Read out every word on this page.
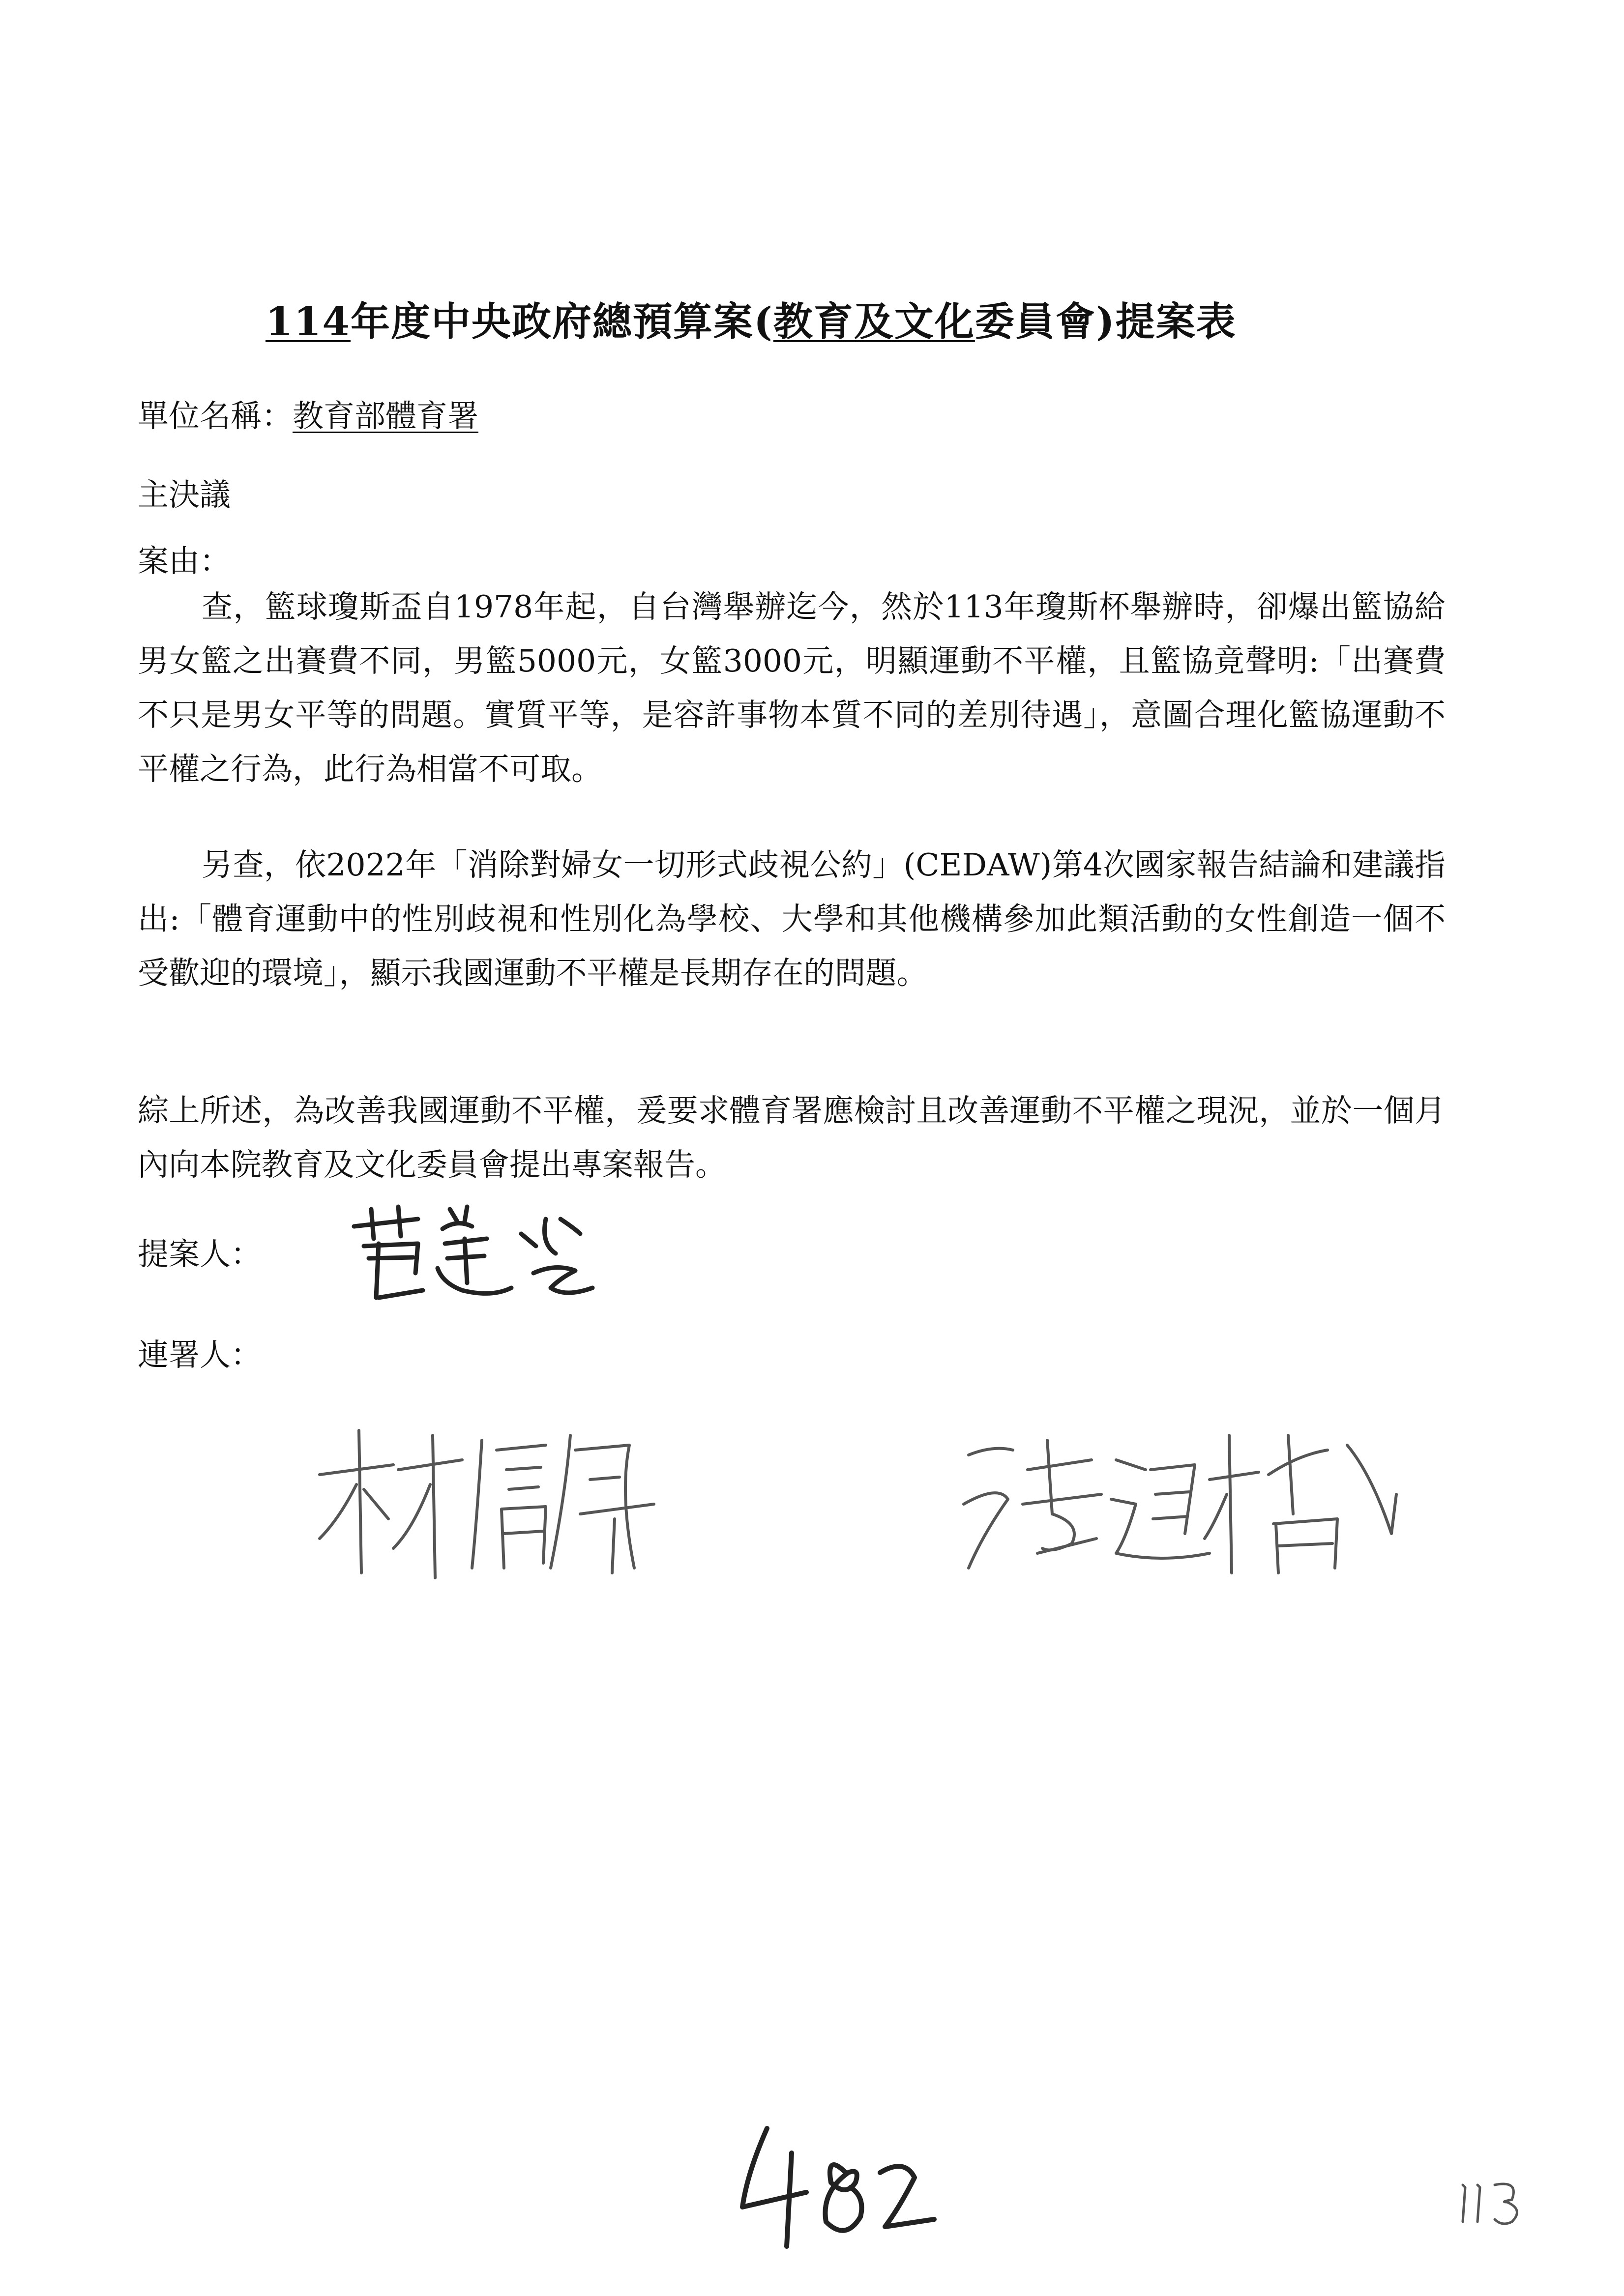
114年度中央政府總預算案(教育及文化委員會)提案表
單位名稱：教育部體育署
主決議
案由：
查，籃球瓊斯盃自1978年起，自台灣舉辦迄今，然於113年瓊斯杯舉辦時，卻爆出籃協給男女籃之出賽費不同，男籃5000元，女籃3000元，明顯運動不平權，且籃協竟聲明:「出賽費不只是男女平等的問題。實質平等，是容許事物本質不同的差別待遇」，意圖合理化籃協運動不平權之行為，此行為相當不可取。
另查，依2022年「消除對婦女一切形式歧視公約」(CEDAW)第4次國家報告結論和建議指出:「體育運動中的性別歧視和性別化為學校、大學和其他機構參加此類活動的女性創造一個不受歡迎的環境」，顯示我國運動不平權是長期存在的問題。
綜上所述，為改善我國運動不平權，爰要求體育署應檢討且改善運動不平權之現況，並於一個月內向本院教育及文化委員會提出專案報告。
提案人：
連署人：
